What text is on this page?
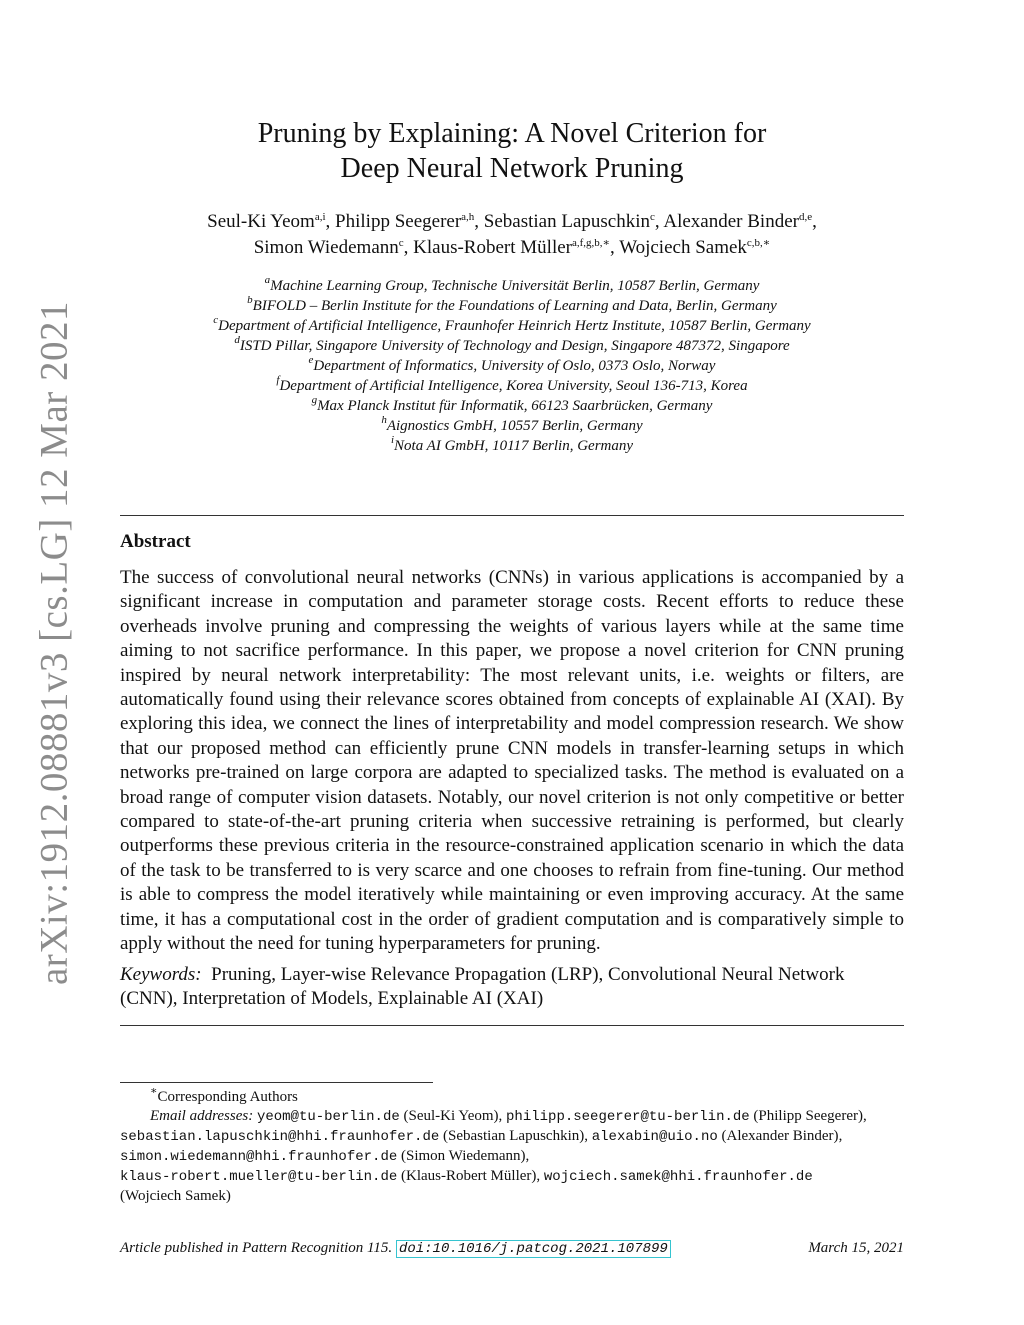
arXiv:1912.08881v3 [cs.LG] 12 Mar 2021
Pruning by Explaining: A Novel Criterion for
Deep Neural Network Pruning
Seul-Ki Yeom$^{a,i}$, Philipp Seegerer$^{a,h}$, Sebastian Lapuschkin$^c$, Alexander Binder$^{d,e}$,
Simon Wiedemann$^c$, Klaus-Robert Müller$^{a,f,g,b,∗}$, Wojciech Samek$^{c,b,∗}$
$^a$Machine Learning Group, Technische Universität Berlin, 10587 Berlin, Germany
$^b$BIFOLD – Berlin Institute for the Foundations of Learning and Data, Berlin, Germany
$^c$Department of Artificial Intelligence, Fraunhofer Heinrich Hertz Institute, 10587 Berlin, Germany
$^d$ISTD Pillar, Singapore University of Technology and Design, Singapore 487372, Singapore
$^e$Department of Informatics, University of Oslo, 0373 Oslo, Norway
$^f$Department of Artificial Intelligence, Korea University, Seoul 136-713, Korea
$^g$Max Planck Institut für Informatik, 66123 Saarbrücken, Germany
$^h$Aignostics GmbH, 10557 Berlin, Germany
$^i$Nota AI GmbH, 10117 Berlin, Germany
Abstract
The success of convolutional neural networks (CNNs) in various applications is accompanied by a significant increase in computation and parameter storage costs. Recent efforts to reduce these overheads involve pruning and compressing the weights of various layers while at the same time aiming to not sacrifice performance. In this paper, we propose a novel criterion for CNN pruning inspired by neural network interpretability: The most relevant units, i.e. weights or filters, are automatically found using their relevance scores obtained from concepts of explainable AI (XAI). By exploring this idea, we connect the lines of interpretability and model compression research. We show that our proposed method can efficiently prune CNN models in transfer-learning setups in which networks pre-trained on large corpora are adapted to specialized tasks. The method is evaluated on a broad range of computer vision datasets. Notably, our novel criterion is not only competitive or better compared to state-of-the-art pruning criteria when successive retraining is performed, but clearly outperforms these previous criteria in the resource-constrained application scenario in which the data of the task to be transferred to is very scarce and one chooses to refrain from fine-tuning. Our method is able to compress the model iteratively while maintaining or even improving accuracy. At the same time, it has a computational cost in the order of gradient computation and is comparatively simple to apply without the need for tuning hyperparameters for pruning.
Keywords: Pruning, Layer-wise Relevance Propagation (LRP), Convolutional Neural Network (CNN), Interpretation of Models, Explainable AI (XAI)
∗Corresponding Authors
Email addresses: yeom@tu-berlin.de (Seul-Ki Yeom), philipp.seegerer@tu-berlin.de (Philipp Seegerer), sebastian.lapuschkin@hhi.fraunhofer.de (Sebastian Lapuschkin), alexabin@uio.no (Alexander Binder), simon.wiedemann@hhi.fraunhofer.de (Simon Wiedemann),
klaus-robert.mueller@tu-berlin.de (Klaus-Robert Müller), wojciech.samek@hhi.fraunhofer.de
(Wojciech Samek)
Article published in Pattern Recognition 115. doi:10.1016/j.patcog.2021.107899	March 15, 2021
